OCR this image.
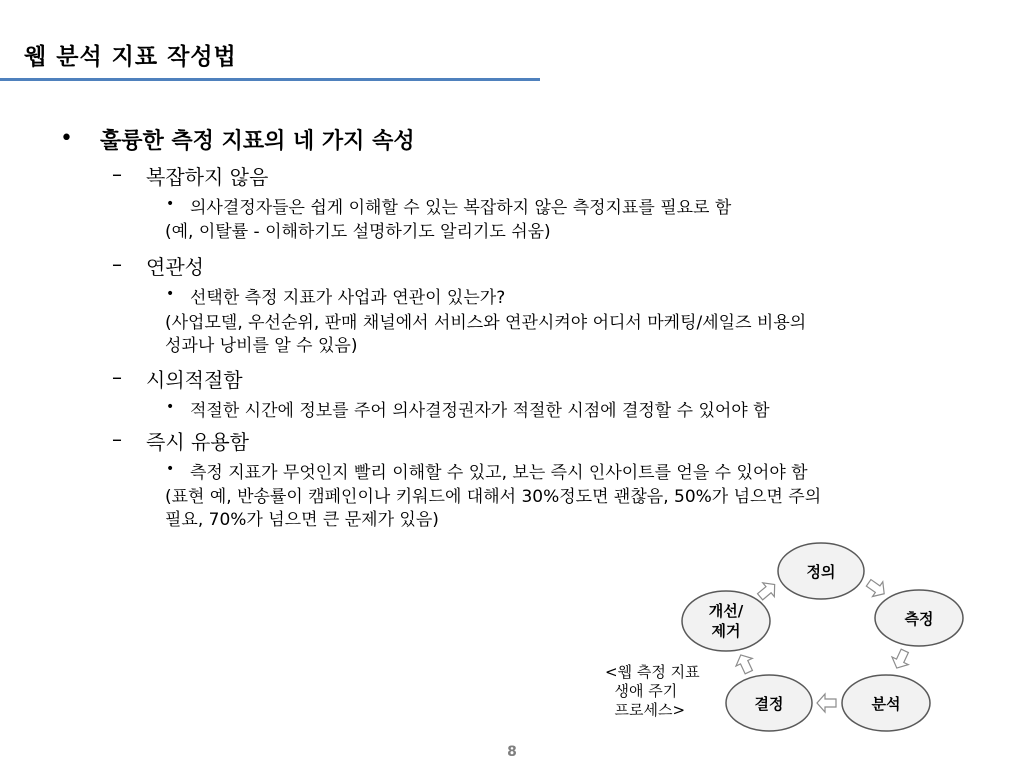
웹 분석 지표 작성법
• 훌륭한 측정 지표의 네 가지 속성
– 복잡하지 않음
• 의사결정자들은 쉽게 이해할 수 있는 복잡하지 않은 측정지표를 필요로 함
(예, 이탈률 - 이해하기도 설명하기도 알리기도 쉬움)
– 연관성
• 선택한 측정 지표가 사업과 연관이 있는가?
(사업모델, 우선순위, 판매 채널에서 서비스와 연관시켜야 어디서 마케팅/세일즈 비용의
성과나 낭비를 알 수 있음)
– 시의적절함
• 적절한 시간에 정보를 주어 의사결정권자가 적절한 시점에 결정할 수 있어야 함
– 즉시 유용함
• 측정 지표가 무엇인지 빨리 이해할 수 있고, 보는 즉시 인사이트를 얻을 수 있어야 함
(표현 예, 반송률이 캠페인이나 키워드에 대해서 30%정도면 괜찮음, 50%가 넘으면 주의
필요, 70%가 넘으면 큰 문제가 있음)
정의
측정
분석
결정
개선/
제거
<웹 측정 지표
생애 주기
프로세스>
8
